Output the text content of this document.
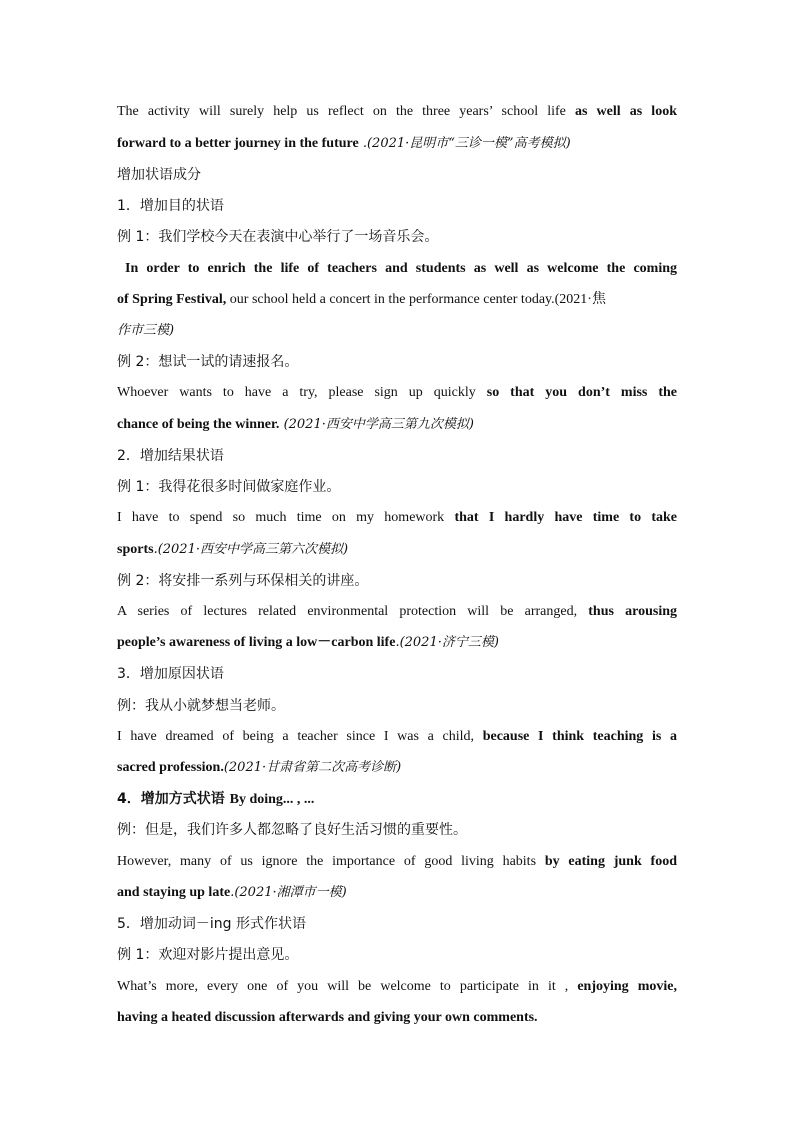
The activity will surely help us reflect on the three years’ school life as well as look
forward to a better journey in the future .(2021·昆明市“三诊一模”高考模拟)
增加状语成分
1．增加目的状语
例 1：我们学校今天在表演中心举行了一场音乐会。
In order to enrich the life of teachers and students as well as welcome the coming
of Spring Festival, our school held a concert in the performance center today.(2021·焦
作市三模)
例 2：想试一试的请速报名。
Whoever wants to have a try, please sign up quickly so that you don’t miss the
chance of being the winner. (2021·西安中学高三第九次模拟)
2．增加结果状语
例 1：我得花很多时间做家庭作业。
I have to spend so much time on my homework that I hardly have time to take
sports.(2021·西安中学高三第六次模拟)
例 2：将安排一系列与环保相关的讲座。
A series of lectures related environmental protection will be arranged, thus arousing
people’s awareness of living a low－carbon life.(2021·济宁三模)
3．增加原因状语
例：我从小就梦想当老师。
I have dreamed of being a teacher since I was a child, because I think teaching is a
sacred profession.(2021·甘肃省第二次高考诊断)
4．增加方式状语 By doing... , ...
例：但是，我们许多人都忽略了良好生活习惯的重要性。
However, many of us ignore the importance of good living habits by eating junk food
and staying up late.(2021·湘潭市一模)
5．增加动词－ing 形式作状语
例 1：欢迎对影片提出意见。
What’s more, every one of you will be welcome to participate in it , enjoying movie,
having a heated discussion afterwards and giving your own comments.
